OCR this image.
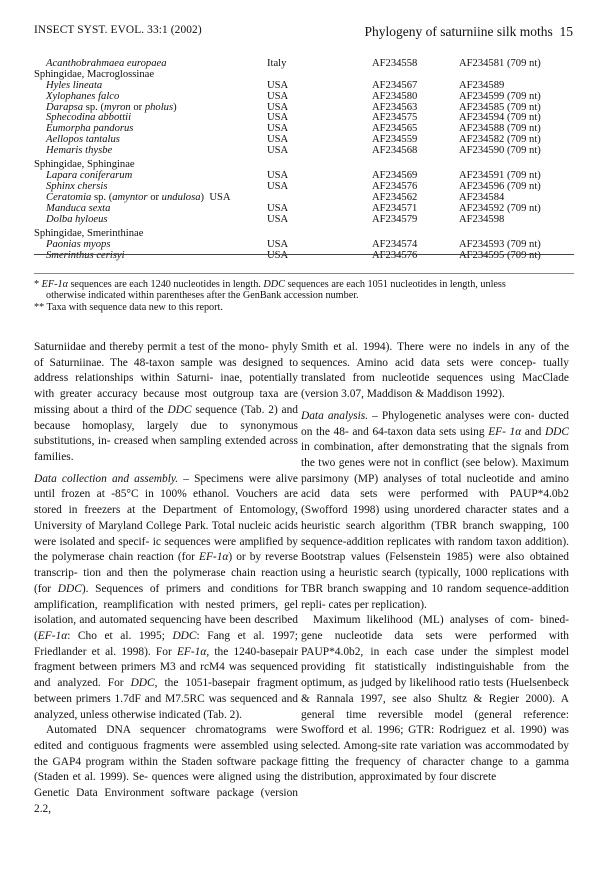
INSECT SYST. EVOL. 33:1 (2002)	Phylogeny of saturniine silk moths 15
Acanthobrahmaea europaea	Italy	AF234558	AF234581 (709 nt)
Sphingidae, Macroglossinae
Hyles lineata	USA	AF234567	AF234589
Xylophanes falco	USA	AF234580	AF234599 (709 nt)
Darapsa sp. (myron or pholus)	USA	AF234563	AF234585 (709 nt)
Sphecodina abbottii	USA	AF234575	AF234594 (709 nt)
Eumorpha pandorus	USA	AF234565	AF234588 (709 nt)
Aellopos tantalus	USA	AF234559	AF234582 (709 nt)
Hemaris thysbe	USA	AF234568	AF234590 (709 nt)
Sphingidae, Sphinginae
Lapara coniferarum	USA	AF234569	AF234591 (709 nt)
Sphinx chersis	USA	AF234576	AF234596 (709 nt)
Ceratomia sp. (amyntor or undulosa)  USA	AF234562	AF234584
Manduca sexta	USA	AF234571	AF234592 (709 nt)
Dolba hyloeus	USA	AF234579	AF234598
Sphingidae, Smerinthinae
Paonias myops	USA	AF234574	AF234593 (709 nt)
Smerinthus cerisyi	USA	AF234576	AF234595 (709 nt)
* EF-1α sequences are each 1240 nucleotides in length. DDC sequences are each 1051 nucleotides in length, unless
otherwise indicated within parentheses after the GenBank accession number.
** Taxa with sequence data new to this report.

Saturniidae and thereby permit a test of the mono- phyly of Saturniinae. The 48-taxon sample was designed to address relationships within Saturni- inae, potentially with greater accuracy because most outgroup taxa are missing about a third of the DDC sequence (Tab. 2) and because homoplasy, largely due to synonymous substitutions, in- creased when sampling extended across families.

Data collection and assembly. – Specimens were alive until frozen at -85°C in 100% ethanol. Vouchers are stored in freezers at the Department of Entomology, University of Maryland College Park. Total nucleic acids were isolated and specif- ic sequences were amplified by the polymerase chain reaction (for EF-1α) or by reverse transcrip- tion and then the polymerase chain reaction (for DDC). Sequences of primers and conditions for amplification, reamplification with nested primers, gel isolation, and automated sequencing have been described (EF-1α: Cho et al. 1995; DDC: Fang et al. 1997; Friedlander et al. 1998). For EF-1α, the 1240-basepair fragment between primers M3 and rcM4 was sequenced and analyzed. For DDC, the 1051-basepair fragment between primers 1.7dF and M7.5RC was sequenced and analyzed, unless otherwise indicated (Tab. 2).

Automated DNA sequencer chromatograms were edited and contiguous fragments were assembled using the GAP4 program within the Staden software package (Staden et al. 1999). Se- quences were aligned using the Genetic Data Environment software package (version 2.2,

Smith et al. 1994). There were no indels in any of the sequences. Amino acid data sets were concep- tually translated from nucleotide sequences using MacClade (version 3.07, Maddison & Maddison 1992).

Data analysis. – Phylogenetic analyses were con- ducted on the 48- and 64-taxon data sets using EF- 1α and DDC in combination, after demonstrating that the signals from the two genes were not in conflict (see below). Maximum parsimony (MP) analyses of total nucleotide and amino acid data sets were performed with PAUP*4.0b2 (Swofford 1998) using unordered character states and a heuristic search algorithm (TBR branch swapping, 100 sequence-addition replicates with random taxon addition). Bootstrap values (Felsenstein 1985) were also obtained using a heuristic search (typically, 1000 replications with TBR branch swapping and 10 random sequence-addition repli- cates per replication).

Maximum likelihood (ML) analyses of com- bined-gene nucleotide data sets were performed with PAUP*4.0b2, in each case under the simplest model providing fit statistically indistinguishable from the optimum, as judged by likelihood ratio tests (Huelsenbeck & Rannala 1997, see also Shultz & Regier 2000). A general time reversible model (general reference: Swofford et al. 1996; GTR: Rodriguez et al. 1990) was selected. Among-site rate variation was accommodated by fitting the frequency of character change to a gamma distribution, approximated by four discrete
